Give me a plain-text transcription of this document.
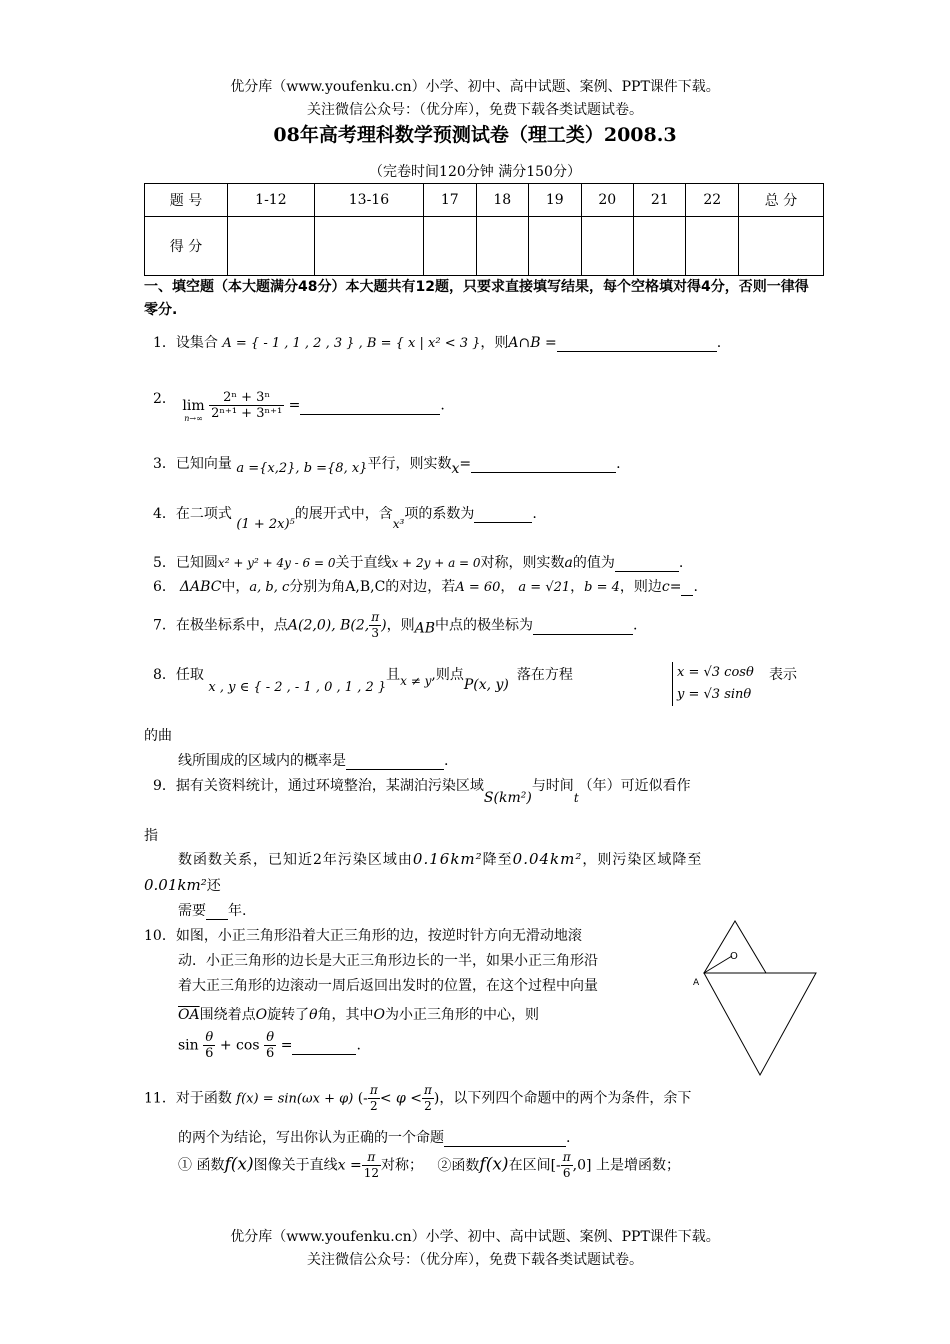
优分库（www.youfenku.cn）小学、初中、高中试题、案例、PPT课件下载。
关注微信公众号：（优分库），免费下载各类试题试卷。
08年高考理科数学预测试卷（理工类）2008.3
（完卷时间120分钟 满分150分）
题 号	1-12	13-16	17	18	19	20	21	22	总 分
得 分									
一、填空题（本大题满分48分）本大题共有12题，只要求直接填写结果，每个空格填对得4分，否则一律得零分.
1．设集合 A = { - 1 , 1 , 2 , 3 } , B = { x | x² < 3 }，则A∩B =	.
2． lim
n→∞
$\frac{\text{2ⁿ + 3ⁿ}}{\text{2ⁿ⁺¹ + 3ⁿ⁺¹}}$ =	.
3．已知向量 a ={x,2}, b ={8, x}平行，则实数x=	.
4．在二项式 (1 + 2x)⁵的展开式中，含x³项的系数为	.
5．已知圆x² + y² + 4y - 6 = 0关于直线x + 2y + a = 0对称，则实数a的值为	.
6． ΔABC中，a, b, c分别为角A,B,C的对边，若A = 60， a = √21，b = 4，则边c= .
7．在极坐标系中，点A(2,0), B(2, $\frac{\pi}{3}$ )，则AB中点的极坐标为	.
8．任取 x , y ∈ { - 2 , - 1 , 0 , 1 , 2 }且x ≠ y,则点P(x, y)落在方程	x = √3 cosθ
y = √3 sinθ
表示
的曲
线所围成的区域内的概率是	.
9．据有关资料统计，通过环境整治，某湖泊污染区域S(km²)与时间t（年）可近似看作
指
数函数关系，已知近2年污染区域由0.16km²降至0.04km²，则污染区域降至
0.01km²还
需要 年.
10．如图，小正三角形沿着大正三角形的边，按逆时针方向无滑动地滚
动．小正三角形的边长是大正三角形边长的一半，如果小正三角形沿
着大正三角形的边滚动一周后返回出发时的位置，在这个过程中向量
$\overline{OA}$围绕着点O旋转了θ角，其中O为小正三角形的中心，则
$\sin \frac{\theta}{6} + \cos \frac{\theta}{6}$ =	.
O
A
11．对于函数 f(x) = sin(ωx + φ) (- $\frac{\pi}{2} < \varphi < \frac{\pi}{2}$ )，以下列四个命题中的两个为条件，余下
的两个为结论，写出你认为正确的一个命题	.
① 函数f(x)图像关于直线$x = \frac{\pi}{12}$ 对称； ②函数f(x)在区间[- $\frac{\pi}{6} ,0$] 上是增函数；
优分库（www.youfenku.cn）小学、初中、高中试题、案例、PPT课件下载。
关注微信公众号：（优分库），免费下载各类试题试卷。
